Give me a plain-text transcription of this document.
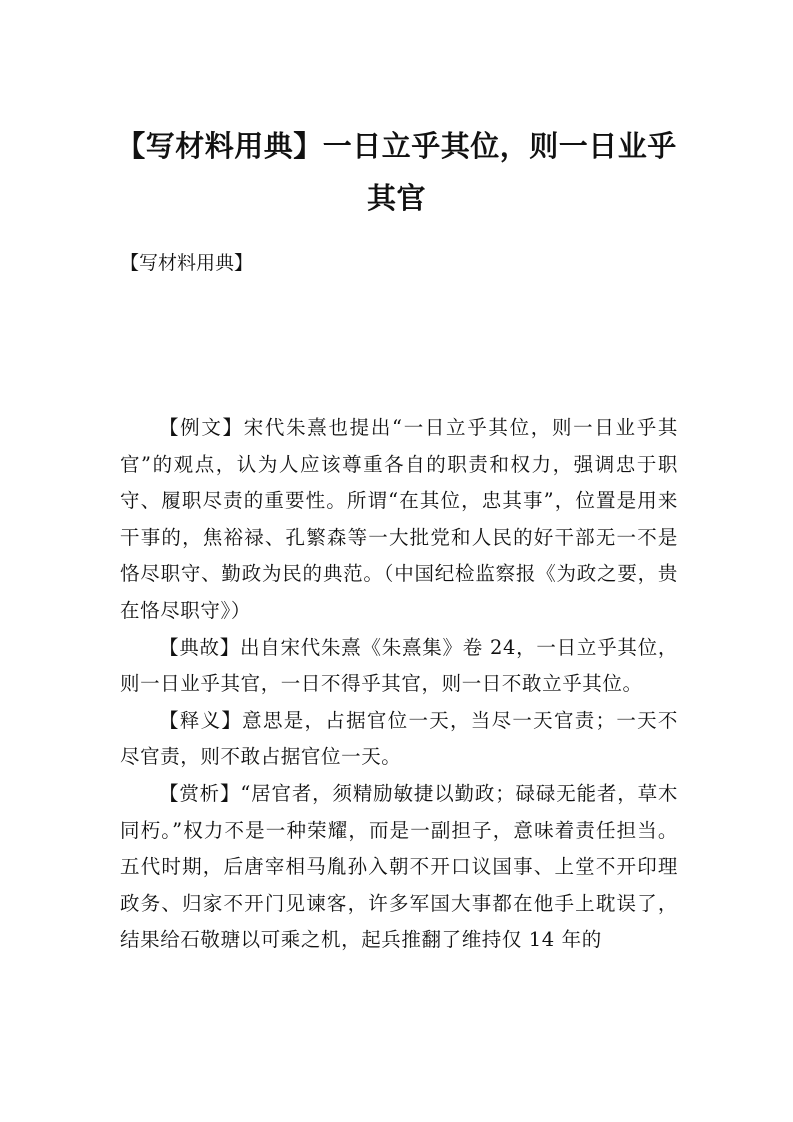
【写材料用典】一日立乎其位，则一日业乎其官

【写材料用典】

【例文】宋代朱熹也提出“一日立乎其位，则一日业乎其官”的观点，认为人应该尊重各自的职责和权力，强调忠于职守、履职尽责的重要性。所谓“在其位，忠其事”，位置是用来干事的，焦裕禄、孔繁森等一大批党和人民的好干部无一不是恪尽职守、勤政为民的典范。（中国纪检监察报《为政之要，贵在恪尽职守》）

【典故】出自宋代朱熹《朱熹集》卷 24，一日立乎其位，则一日业乎其官，一日不得乎其官，则一日不敢立乎其位。

【释义】意思是，占据官位一天，当尽一天官责；一天不尽官责，则不敢占据官位一天。

【赏析】“居官者，须精励敏捷以勤政；碌碌无能者，草木同朽。”权力不是一种荣耀，而是一副担子，意味着责任担当。五代时期，后唐宰相马胤孙入朝不开口议国事、上堂不开印理政务、归家不开门见谏客，许多军国大事都在他手上耽误了，结果给石敬瑭以可乘之机，起兵推翻了维持仅 14 年的
